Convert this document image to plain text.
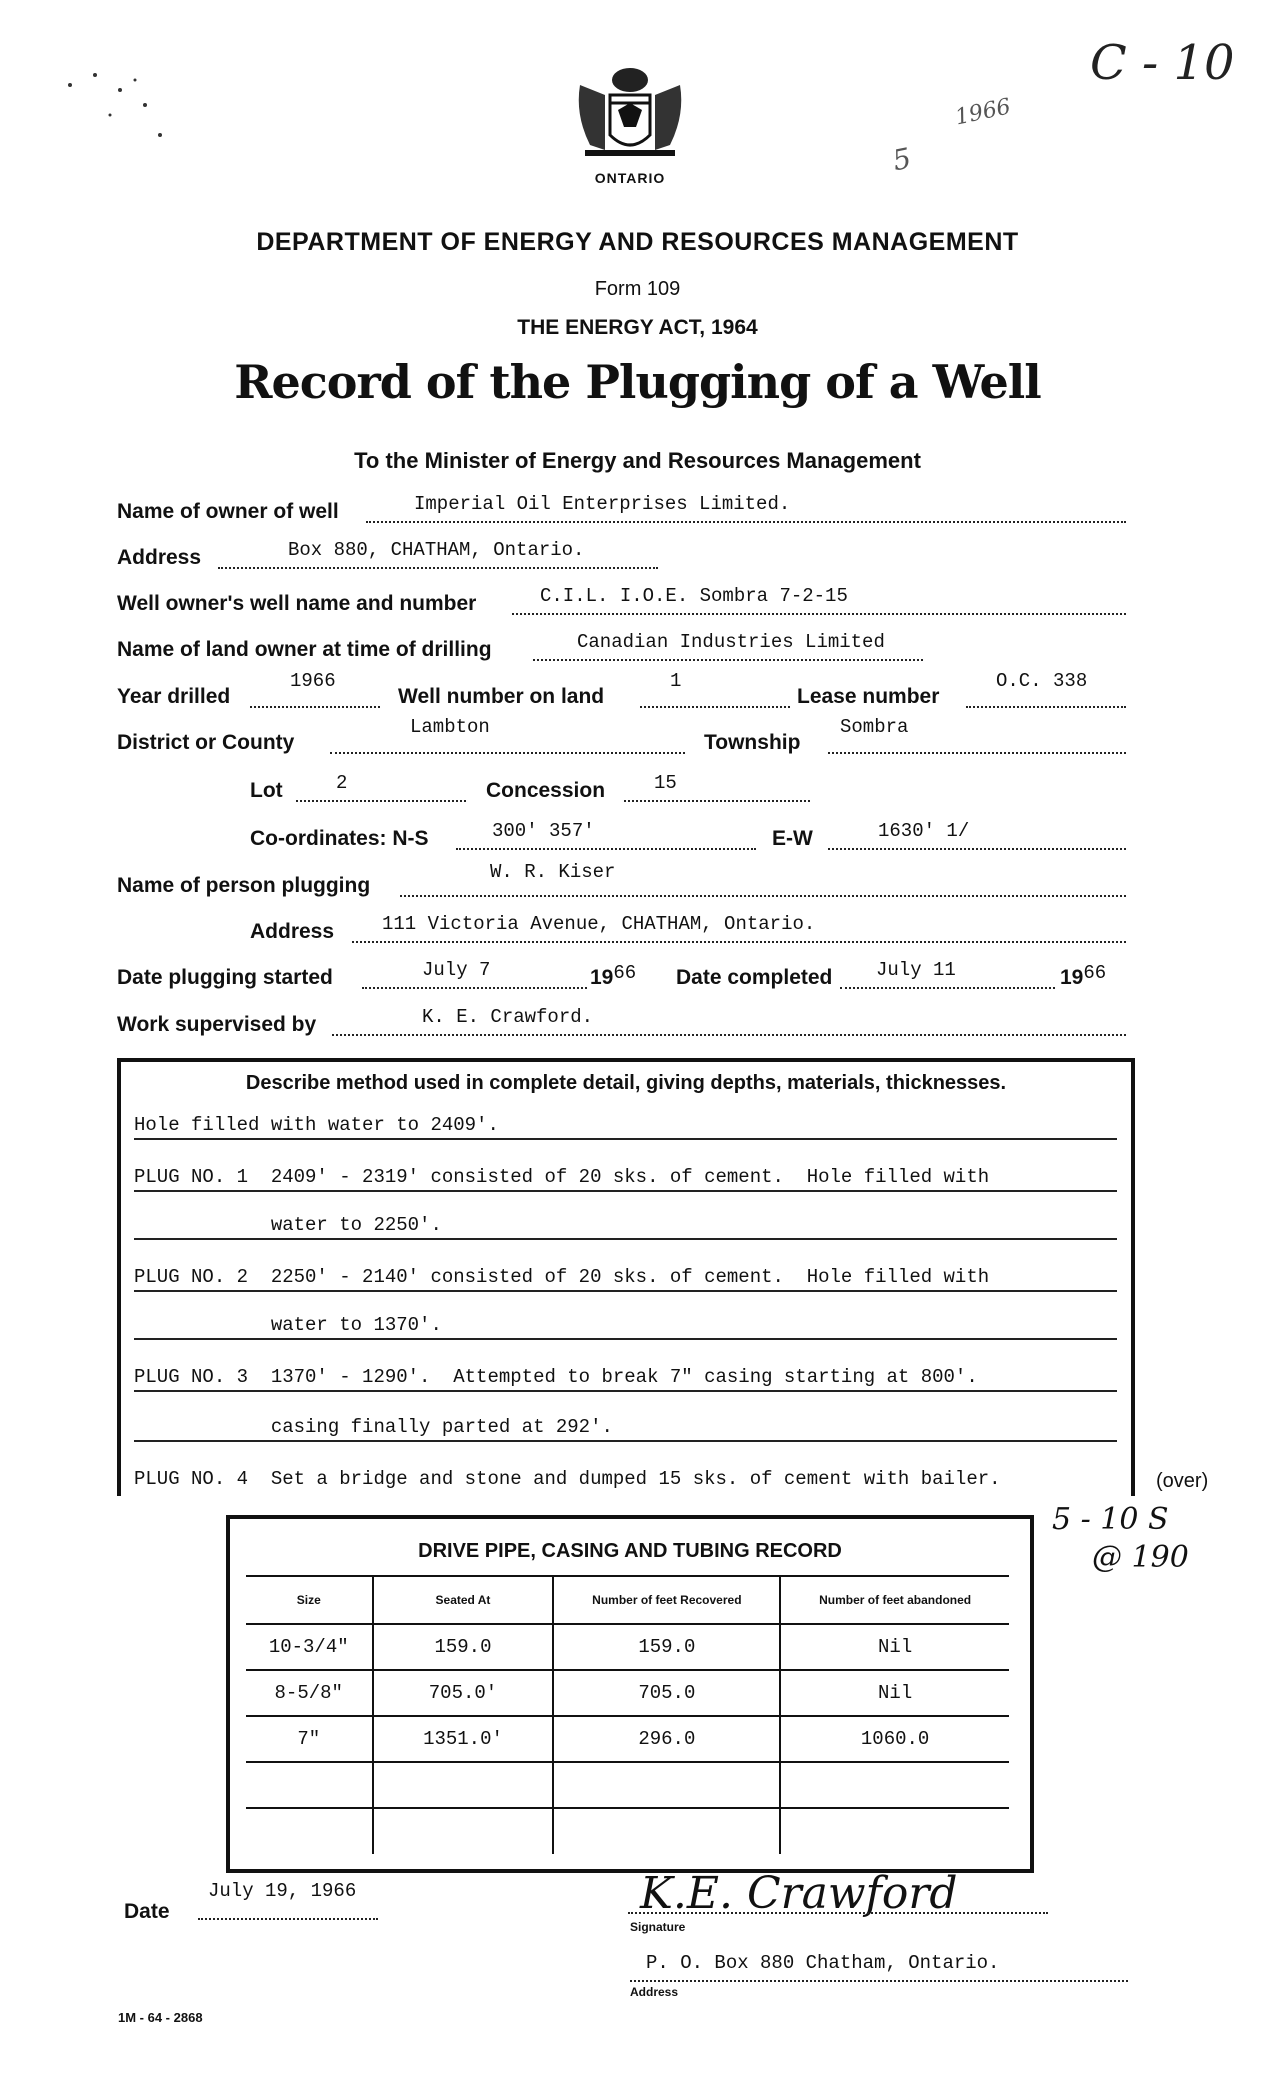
ONTARIO
1966
5
C - 10
DEPARTMENT OF ENERGY AND RESOURCES MANAGEMENT
Form 109
THE ENERGY ACT, 1964
Record of the Plugging of a Well
To the Minister of Energy and Resources Management
Name of owner of well	Imperial Oil Enterprises Limited.
Address	Box 880, CHATHAM, Ontario.
Well owner's well name and number	C.I.L. I.O.E. Sombra 7-2-15
Name of land owner at time of drilling	Canadian Industries Limited
Year drilled
1966
Well number on land
1
Lease number
O.C. 338
District or County
Lambton
Township
Sombra
Lot	2	Concession	15
Co-ordinates: N-S	300' 357'	E-W	1630' 1/
Name of person plugging
W. R. Kiser
Address	111 Victoria Avenue, CHATHAM, Ontario.
Date plugging started	July 7	1966 Date completed	July 11	1966
Work supervised by	K. E. Crawford.
Describe method used in complete detail, giving depths, materials, thicknesses.
Hole filled with water to 2409'.
PLUG NO. 1  2409' - 2319' consisted of 20 sks. of cement.  Hole filled with
water to 2250'.
PLUG NO. 2  2250' - 2140' consisted of 20 sks. of cement.  Hole filled with
water to 1370'.
PLUG NO. 3  1370' - 1290'.  Attempted to break 7" casing starting at 800'.
casing finally parted at 292'.
PLUG NO. 4  Set a bridge and stone and dumped 15 sks. of cement with bailer.	(over)
5 - 10 S
@ 190
DRIVE PIPE, CASING AND TUBING RECORD
Size	Seated At	Number of feet Recovered	Number of feet abandoned
10-3/4"	159.0	159.0	Nil
8-5/8"	705.0'	705.0	Nil
7"	1351.0'	296.0	1060.0

Date
July 19, 1966	K.E. Crawford
Signature
P. O. Box 880 Chatham, Ontario.
Address
1M - 64 - 2868
